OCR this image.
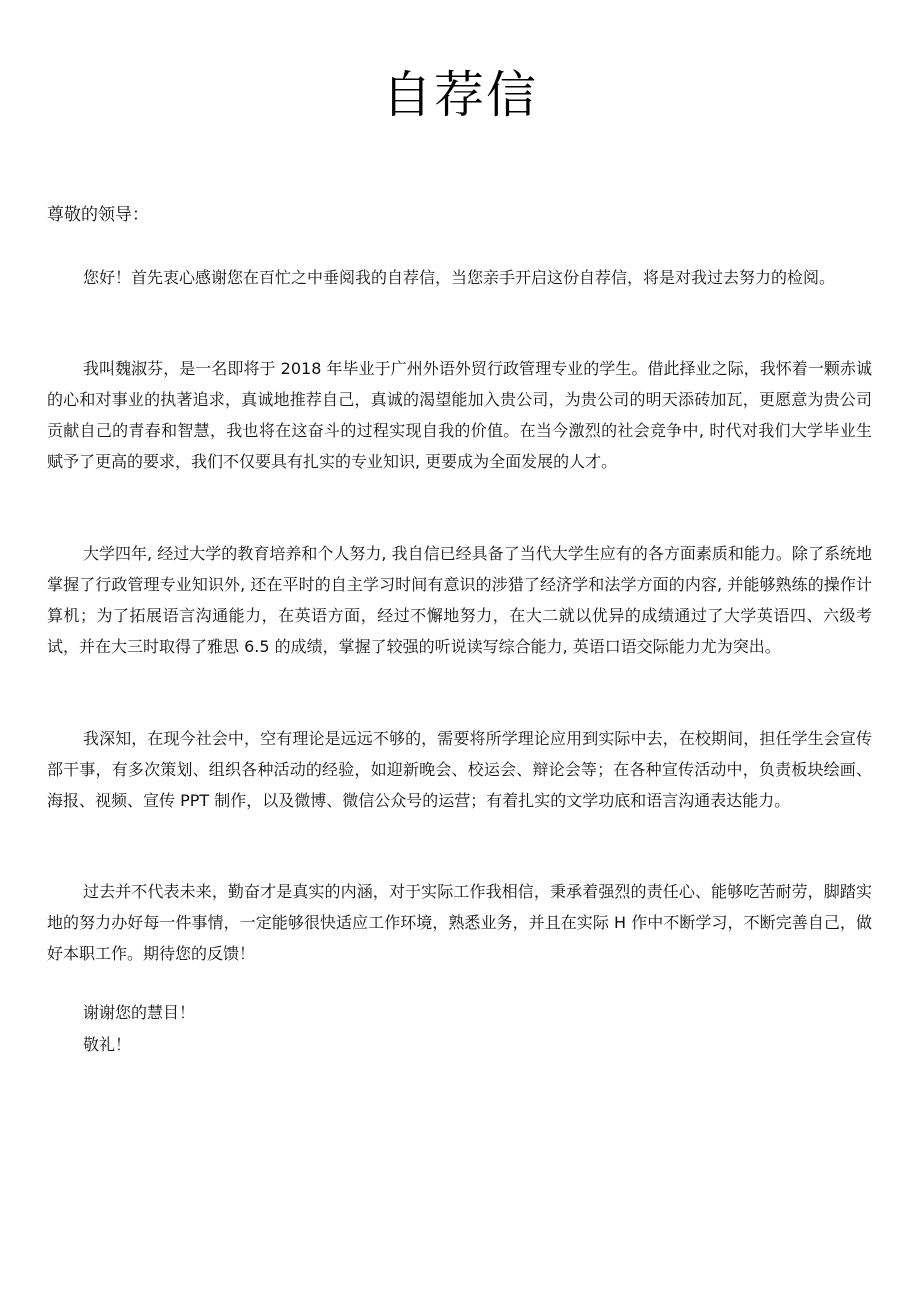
自荐信
尊敬的领导：

您好！首先衷心感谢您在百忙之中垂阅我的自荐信，当您亲手开启这份自荐信，将是对我过去努力的检阅。

我叫魏淑芬，是一名即将于 2018 年毕业于广州外语外贸行政管理专业的学生。借此择业之际，我怀着一颗赤诚的心和对事业的执著追求，真诚地推荐自己，真诚的渴望能加入贵公司，为贵公司的明天添砖加瓦，更愿意为贵公司贡献自己的青春和智慧，我也将在这奋斗的过程实现自我的价值。在当今激烈的社会竞争中, 时代对我们大学毕业生赋予了更高的要求，我们不仅要具有扎实的专业知识, 更要成为全面发展的人才。

大学四年, 经过大学的教育培养和个人努力, 我自信已经具备了当代大学生应有的各方面素质和能力。除了系统地掌握了行政管理专业知识外, 还在平时的自主学习时间有意识的涉猎了经济学和法学方面的内容, 并能够熟练的操作计算机；为了拓展语言沟通能力，在英语方面，经过不懈地努力，在大二就以优异的成绩通过了大学英语四、六级考试，并在大三时取得了雅思 6.5 的成绩，掌握了较强的听说读写综合能力, 英语口语交际能力尤为突出。

我深知，在现今社会中，空有理论是远远不够的，需要将所学理论应用到实际中去，在校期间，担任学生会宣传部干事，有多次策划、组织各种活动的经验，如迎新晚会、校运会、辩论会等；在各种宣传活动中，负责板块绘画、海报、视频、宣传 PPT 制作，以及微博、微信公众号的运营；有着扎实的文学功底和语言沟通表达能力。

过去并不代表未来，勤奋才是真实的内涵，对于实际工作我相信，秉承着强烈的责任心、能够吃苦耐劳，脚踏实地的努力办好每一件事情，一定能够很快适应工作环境，熟悉业务，并且在实际 H 作中不断学习，不断完善自己，做好本职工作。期待您的反馈！

谢谢您的慧目！
敬礼！
